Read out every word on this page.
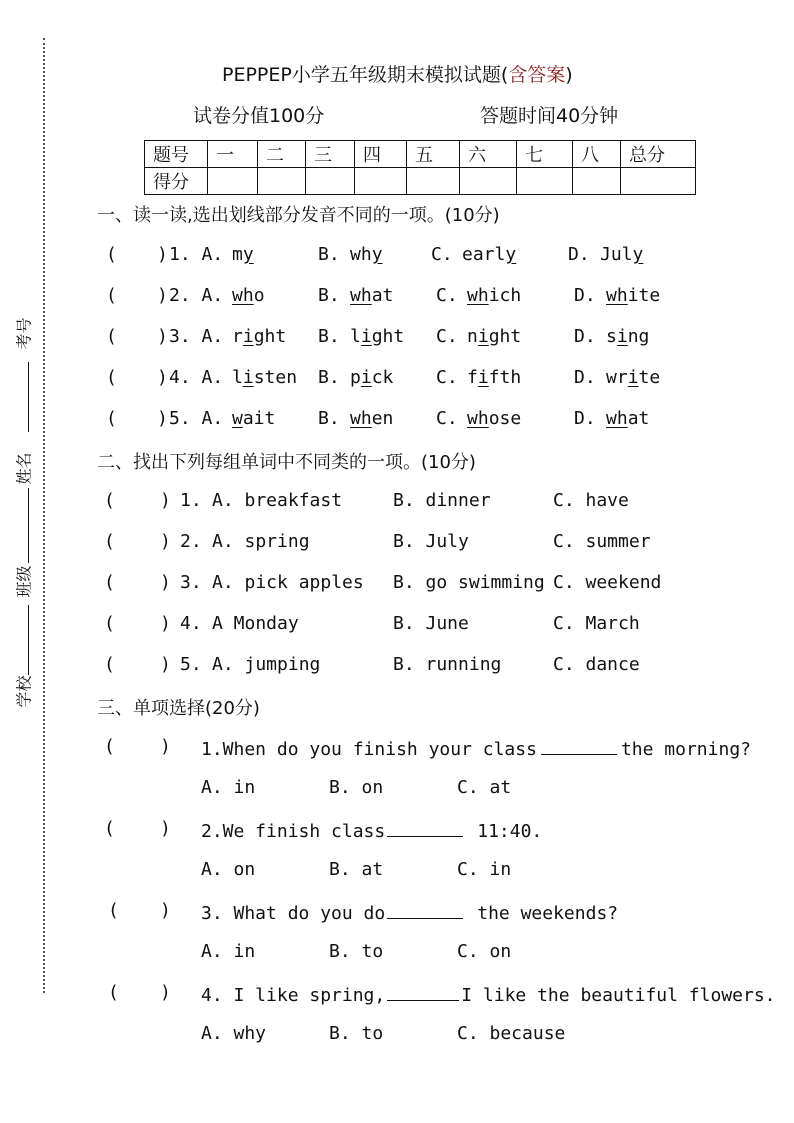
考号
姓名
班级
学校
PEPPEP小学五年级期末模拟试题(含答案)
试卷分值100分	答题时间40分钟
题号	一	二	三	四	五	六	七	八	总分
得分									
一、读一读,选出划线部分发音不同的一项。(10分)
( ) 1. A. my	B. why	C. early	D. July
( ) 2. A. who	B. what C. which	D. white
( ) 3. A. right B. light C. night	D. sing
( ) 4. A. listen B. pick C. fifth	D. write
( ) 5. A. wait B. when C. whose	D. what
二、找出下列每组单词中不同类的一项。(10分)
(	) 1. A. breakfast	B. dinner	C. have
(	) 2. A. spring	B. July	C. summer
(	) 3. A. pick apples B. go swimming C. weekend
(	) 4. A Monday	B. June	C. March
(	) 5. A. jumping	B. running	C. dance
三、单项选择(20分)
(	) 1.When do you finish your class	the morning?
A. in	B. on	C. at
(	) 2.We finish class	11:40.
A. on	B. at	C. in
( ) 3. What do you do	the weekends?
A. in	B. to	C. on
( ) 4. I like spring,	I like the beautiful flowers.
A. why	B. to	C. because
